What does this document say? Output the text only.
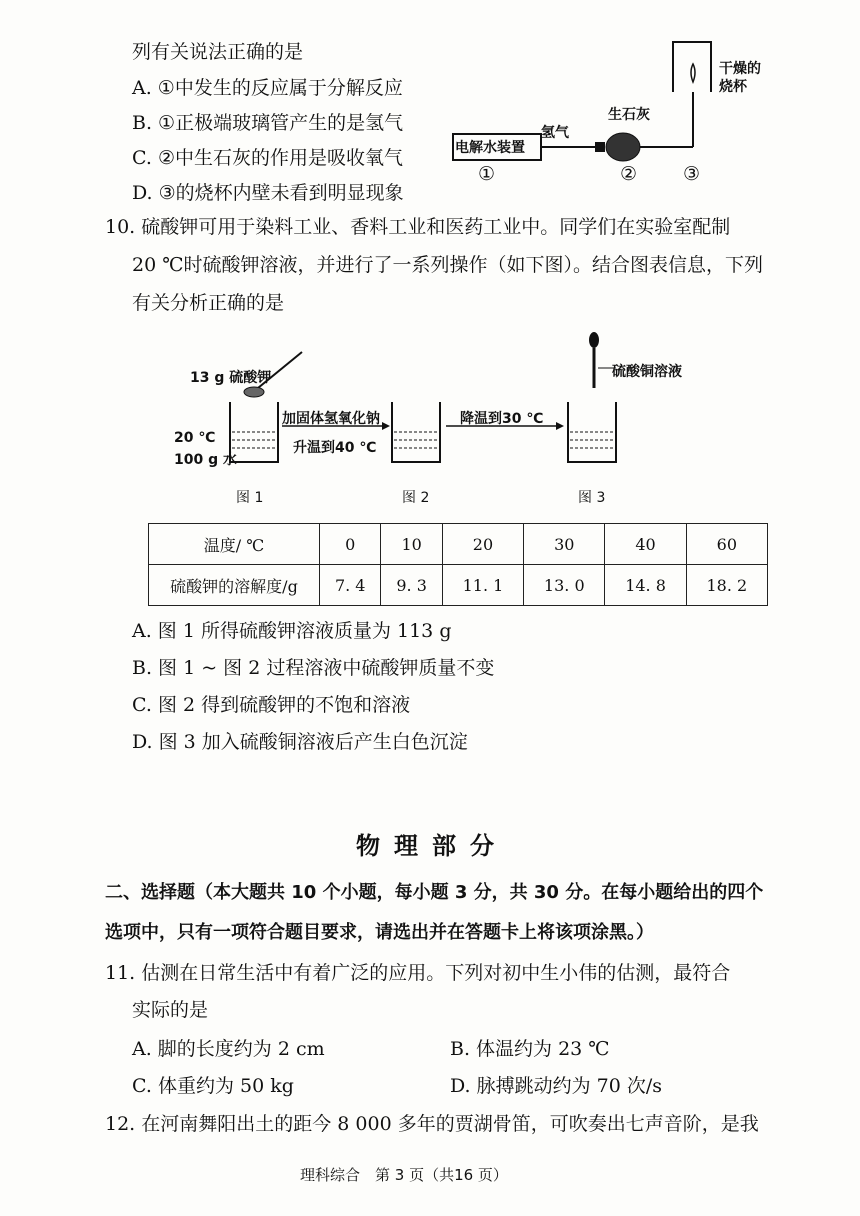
列有关说法正确的是
A. ①中发生的反应属于分解反应
B. ①正极端玻璃管产生的是氢气
C. ②中生石灰的作用是吸收氧气
D. ③的烧杯内壁未看到明显现象
电解水装置
氢气
生石灰
干燥的
烧杯
①	② ③
10. 硫酸钾可用于染料工业、香料工业和医药工业中。同学们在实验室配制
20 ℃时硫酸钾溶液，并进行了一系列操作（如下图）。结合图表信息，下列
有关分析正确的是
13 g 硫酸钾
20 ℃
100 g 水
加固体氢氧化钠
升温到40 ℃
降温到30 ℃
硫酸铜溶液
图 1	图 2	图 3
温度/ ℃	0	10	20	30	40	60
硫酸钾的溶解度/g	7. 4	9. 3	11. 1	13. 0	14. 8	18. 2
A. 图 1 所得硫酸钾溶液质量为 113 g
B. 图 1 ~ 图 2 过程溶液中硫酸钾质量不变
C. 图 2 得到硫酸钾的不饱和溶液
D. 图 3 加入硫酸铜溶液后产生白色沉淀
物理部分
二、选择题（本大题共 10 个小题，每小题 3 分，共 30 分。在每小题给出的四个
选项中，只有一项符合题目要求，请选出并在答题卡上将该项涂黑。）
11. 估测在日常生活中有着广泛的应用。下列对初中生小伟的估测，最符合
实际的是
A. 脚的长度约为 2 cm	B. 体温约为 23 ℃
C. 体重约为 50 kg	D. 脉搏跳动约为 70 次/s
12. 在河南舞阳出土的距今 8 000 多年的贾湖骨笛，可吹奏出七声音阶，是我
理科综合　第 3 页（共16 页）
